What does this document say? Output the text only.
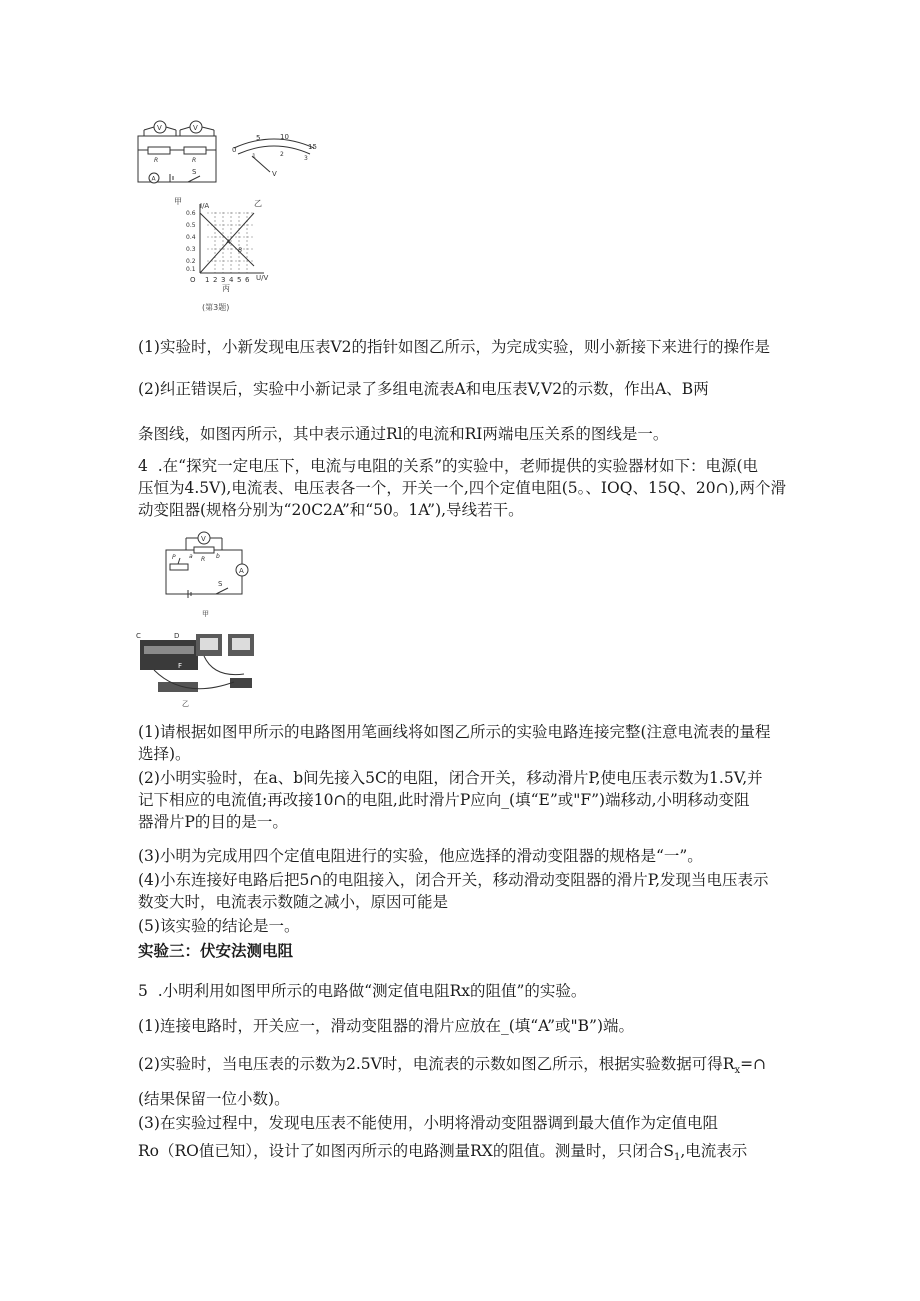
V	V
A
S
R	R
0
5	10
15
1	2
3
V
甲	乙
I/A
U/V
O
0.6
0.5
0.4
0.3
0.2
0.1
1 2 3 4 5 6
A
B
丙
(第3题)
(1)实验时，小新发现电压表V2的指针如图乙所示，为完成实验，则小新接下来进行的操作是
(2)纠正错误后，实验中小新记录了多组电流表A和电压表V,V2的示数，作出A、B两
条图线，如图丙所示，其中表示通过Rl的电流和RI两端电压关系的图线是一。
4  .在“探究一定电压下，电流与电阻的关系”的实验中，老师提供的实验器材如下：电源(电
压恒为4.5V),电流表、电压表各一个，开关一个,四个定值电阻(5。、IOQ、15Q、20∩),两个滑
动变阻器(规格分别为“20C2A”和“50。1A”),导线若干。
V
A
S
R
P a	b
甲
C	D
E	F
乙
(1)请根据如图甲所示的电路图用笔画线将如图乙所示的实验电路连接完整(注意电流表的量程
选择)。
(2)小明实验时，在a、b间先接入5C的电阻，闭合开关，移动滑片P,使电压表示数为1.5V,并
记下相应的电流值;再改接10∩的电阻,此时滑片P应向_(填“E”或"F”)端移动,小明移动变阻
器滑片P的目的是一。
(3)小明为完成用四个定值电阻进行的实验，他应选择的滑动变阻器的规格是“一”。
(4)小东连接好电路后把5∩的电阻接入，闭合开关，移动滑动变阻器的滑片P,发现当电压表示
数变大时，电流表示数随之减小，原因可能是
(5)该实验的结论是一。
实验三：伏安法测电阻
5  .小明利用如图甲所示的电路做“测定值电阻Rx的阻值”的实验。
(1)连接电路时，开关应一，滑动变阻器的滑片应放在_(填“A”或"B”)端。
(2)实验时，当电压表的示数为2.5V时，电流表的示数如图乙所示，根据实验数据可得$R_x=\cap$
(结果保留一位小数)。
(3)在实验过程中，发现电压表不能使用，小明将滑动变阻器调到最大值作为定值电阻
Ro（RO值已知），设计了如图丙所示的电路测量RX的阻值。测量时，只闭合$S_1$,电流表示
